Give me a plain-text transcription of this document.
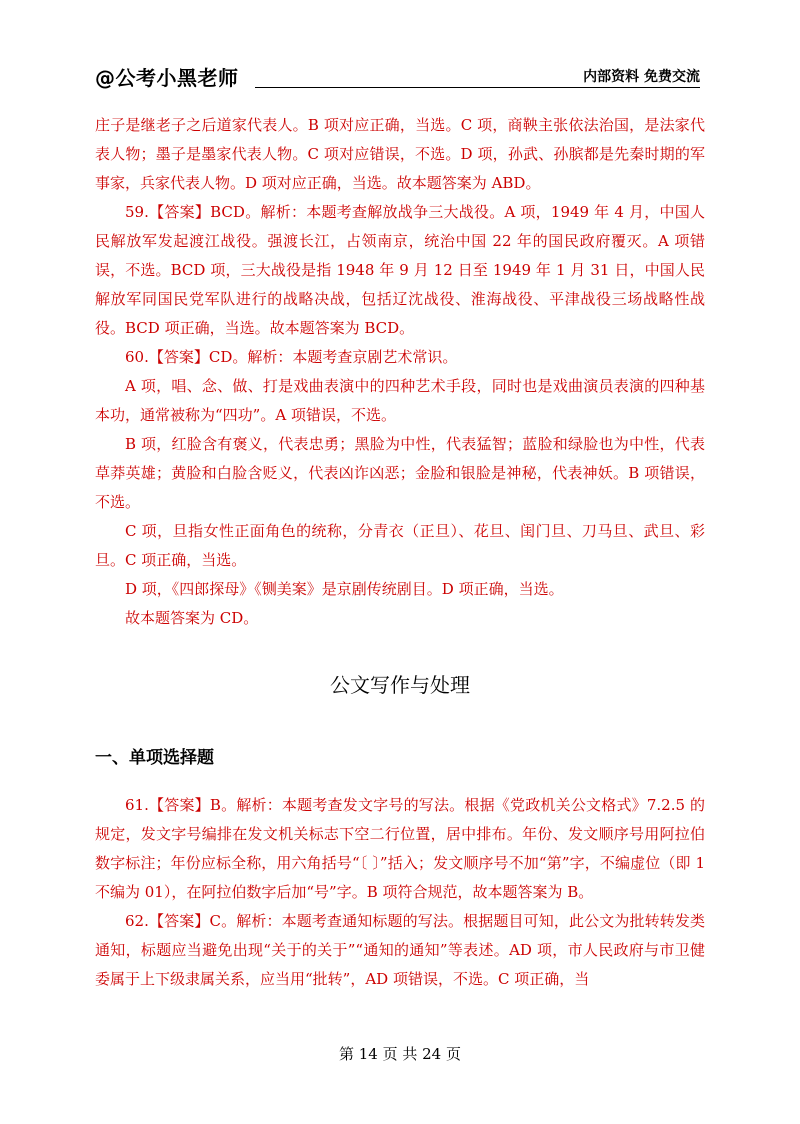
@公考小黑老师	内部资料 免费交流

庄子是继老子之后道家代表人。B 项对应正确，当选。C 项，商鞅主张依法治国，是法家代表人物；墨子是墨家代表人物。C 项对应错误，不选。D 项，孙武、孙膑都是先秦时期的军事家，兵家代表人物。D 项对应正确，当选。故本题答案为 ABD。

59.【答案】BCD。解析：本题考查解放战争三大战役。A 项，1949 年 4 月，中国人民解放军发起渡江战役。强渡长江，占领南京，统治中国 22 年的国民政府覆灭。A 项错误，不选。BCD 项，三大战役是指 1948 年 9 月 12 日至 1949 年 1 月 31 日，中国人民解放军同国民党军队进行的战略决战，包括辽沈战役、淮海战役、平津战役三场战略性战役。BCD 项正确，当选。故本题答案为 BCD。

60.【答案】CD。解析：本题考查京剧艺术常识。

A 项，唱、念、做、打是戏曲表演中的四种艺术手段，同时也是戏曲演员表演的四种基本功，通常被称为“四功”。A 项错误，不选。

B 项，红脸含有褒义，代表忠勇；黑脸为中性，代表猛智；蓝脸和绿脸也为中性，代表草莽英雄；黄脸和白脸含贬义，代表凶诈凶恶；金脸和银脸是神秘，代表神妖。B 项错误，不选。

C 项，旦指女性正面角色的统称，分青衣（正旦）、花旦、闺门旦、刀马旦、武旦、彩旦。C 项正确，当选。

D 项，《四郎探母》《铡美案》是京剧传统剧目。D 项正确，当选。

故本题答案为 CD。

公文写作与处理
一、单项选择题

61.【答案】B。解析：本题考查发文字号的写法。根据《党政机关公文格式》7.2.5 的规定，发文字号编排在发文机关标志下空二行位置，居中排布。年份、发文顺序号用阿拉伯数字标注；年份应标全称，用六角括号“〔 〕”括入；发文顺序号不加“第”字，不编虚位（即 1 不编为 01），在阿拉伯数字后加“号”字。B 项符合规范，故本题答案为 B。

62.【答案】C。解析：本题考查通知标题的写法。根据题目可知，此公文为批转转发类通知，标题应当避免出现“关于的关于”“通知的通知”等表述。AD 项，市人民政府与市卫健委属于上下级隶属关系，应当用“批转”，AD 项错误，不选。C 项正确，当

第 14 页 共 24 页
